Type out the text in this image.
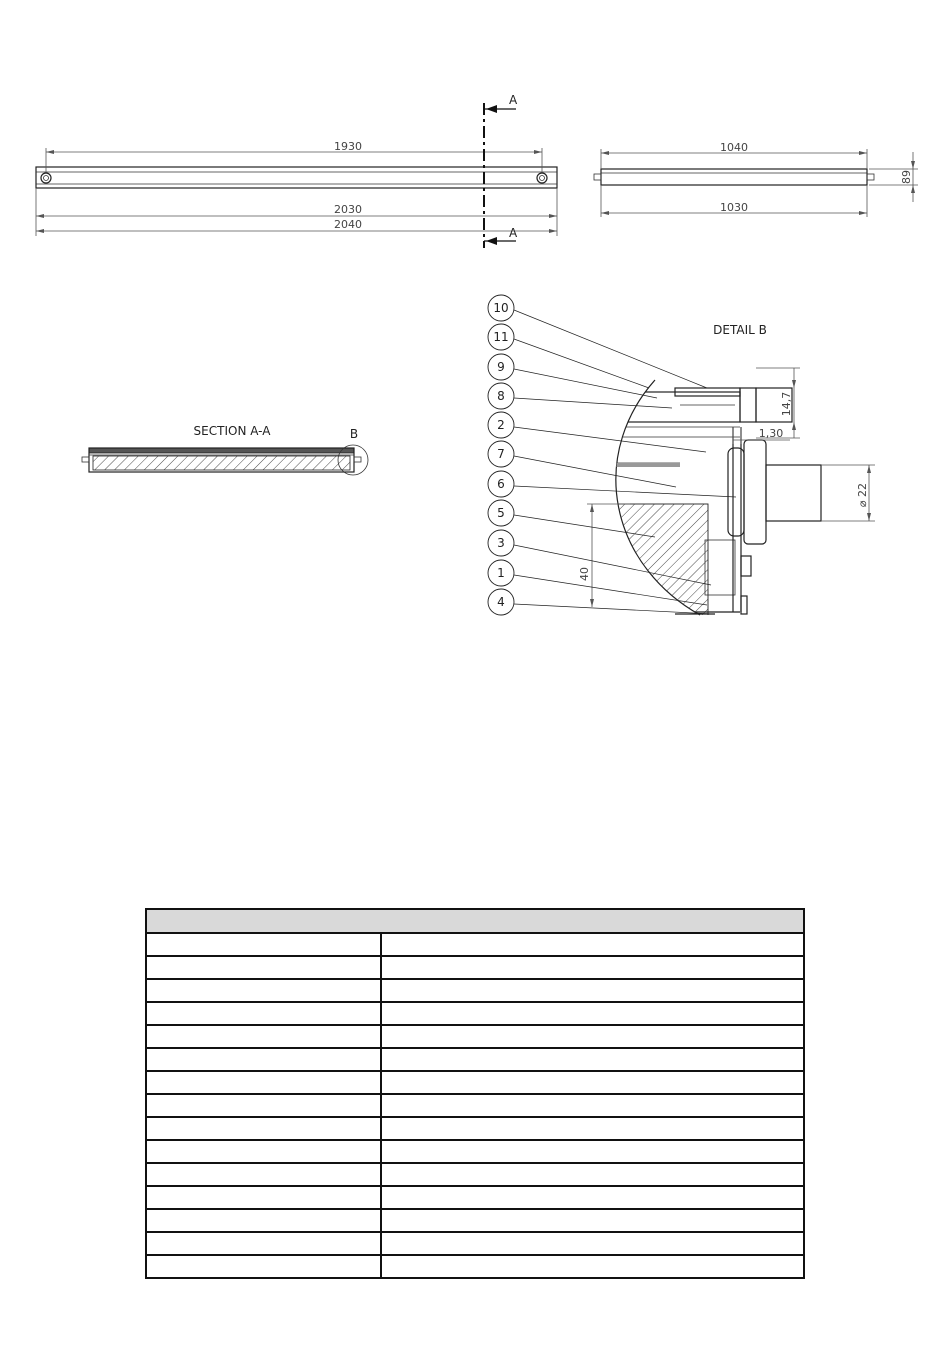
1930
2030
2040
A
A
1040
1030
89
SECTION A-A	B
DETAIL B
14,7
1,30
⌀ 22
40
10
11
9
8
2
7
6
5
3
1
4
